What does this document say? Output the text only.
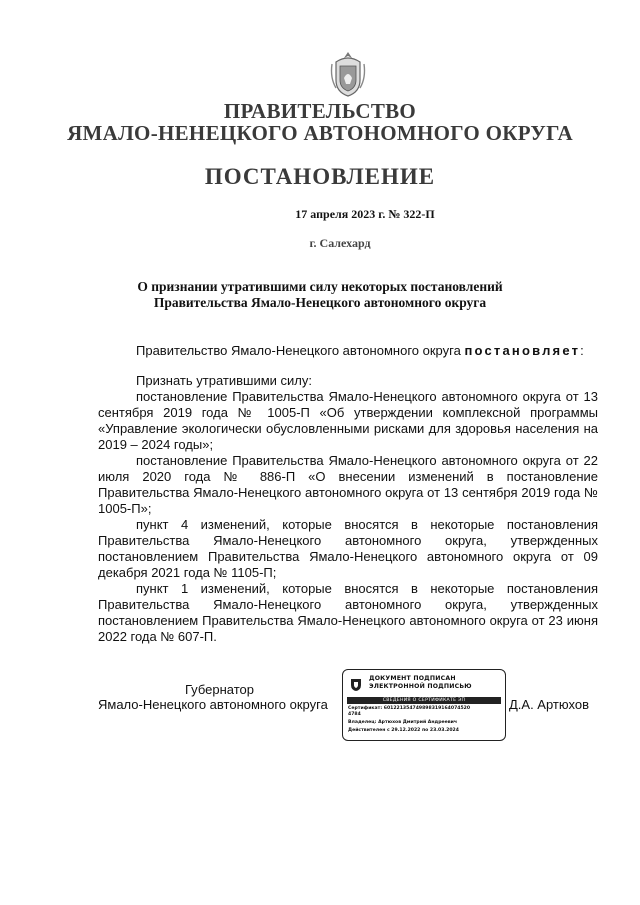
ПРАВИТЕЛЬСТВО
ЯМАЛО-НЕНЕЦКОГО АВТОНОМНОГО ОКРУГА
ПОСТАНОВЛЕНИЕ
17 апреля 2023 г. № 322-П
г. Салехард
О признании утратившими силу некоторых постановлений
Правительства Ямало-Ненецкого автономного округа
Правительство Ямало-Ненецкого автономного округа постановляет:

Признать утратившими силу:

постановление Правительства Ямало-Ненецкого автономного округа от 13 сентября 2019 года № 1005-П «Об утверждении комплексной программы «Управление экологически обусловленными рисками для здоровья населения на 2019 – 2024 годы»;

постановление Правительства Ямало-Ненецкого автономного округа от 22 июля 2020 года № 886-П «О внесении изменений в постановление Правительства Ямало-Ненецкого автономного округа от 13 сентября 2019 года № 1005-П»;

пункт 4 изменений, которые вносятся в некоторые постановления Правительства Ямало-Ненецкого автономного округа, утвержденных постановлением Правительства Ямало-Ненецкого автономного округа от 09 декабря 2021 года № 1105-П;

пункт 1 изменений, которые вносятся в некоторые постановления Правительства Ямало-Ненецкого автономного округа, утвержденных постановлением Правительства Ямало-Ненецкого автономного округа от 23 июня 2022 года № 607-П.

Губернатор
Ямало-Ненецкого автономного округа	Д.А. Артюхов
ДОКУМЕНТ ПОДПИСАН
ЭЛЕКТРОННОЙ ПОДПИСЬЮ
СВЕДЕНИЯ О СЕРТИФИКАТЕ ЭП
Сертификат: 601221354749898319164074520
4784
Владелец: Артюхов Дмитрий Андреевич
Действителен с 29.12.2022 по 23.03.2024
